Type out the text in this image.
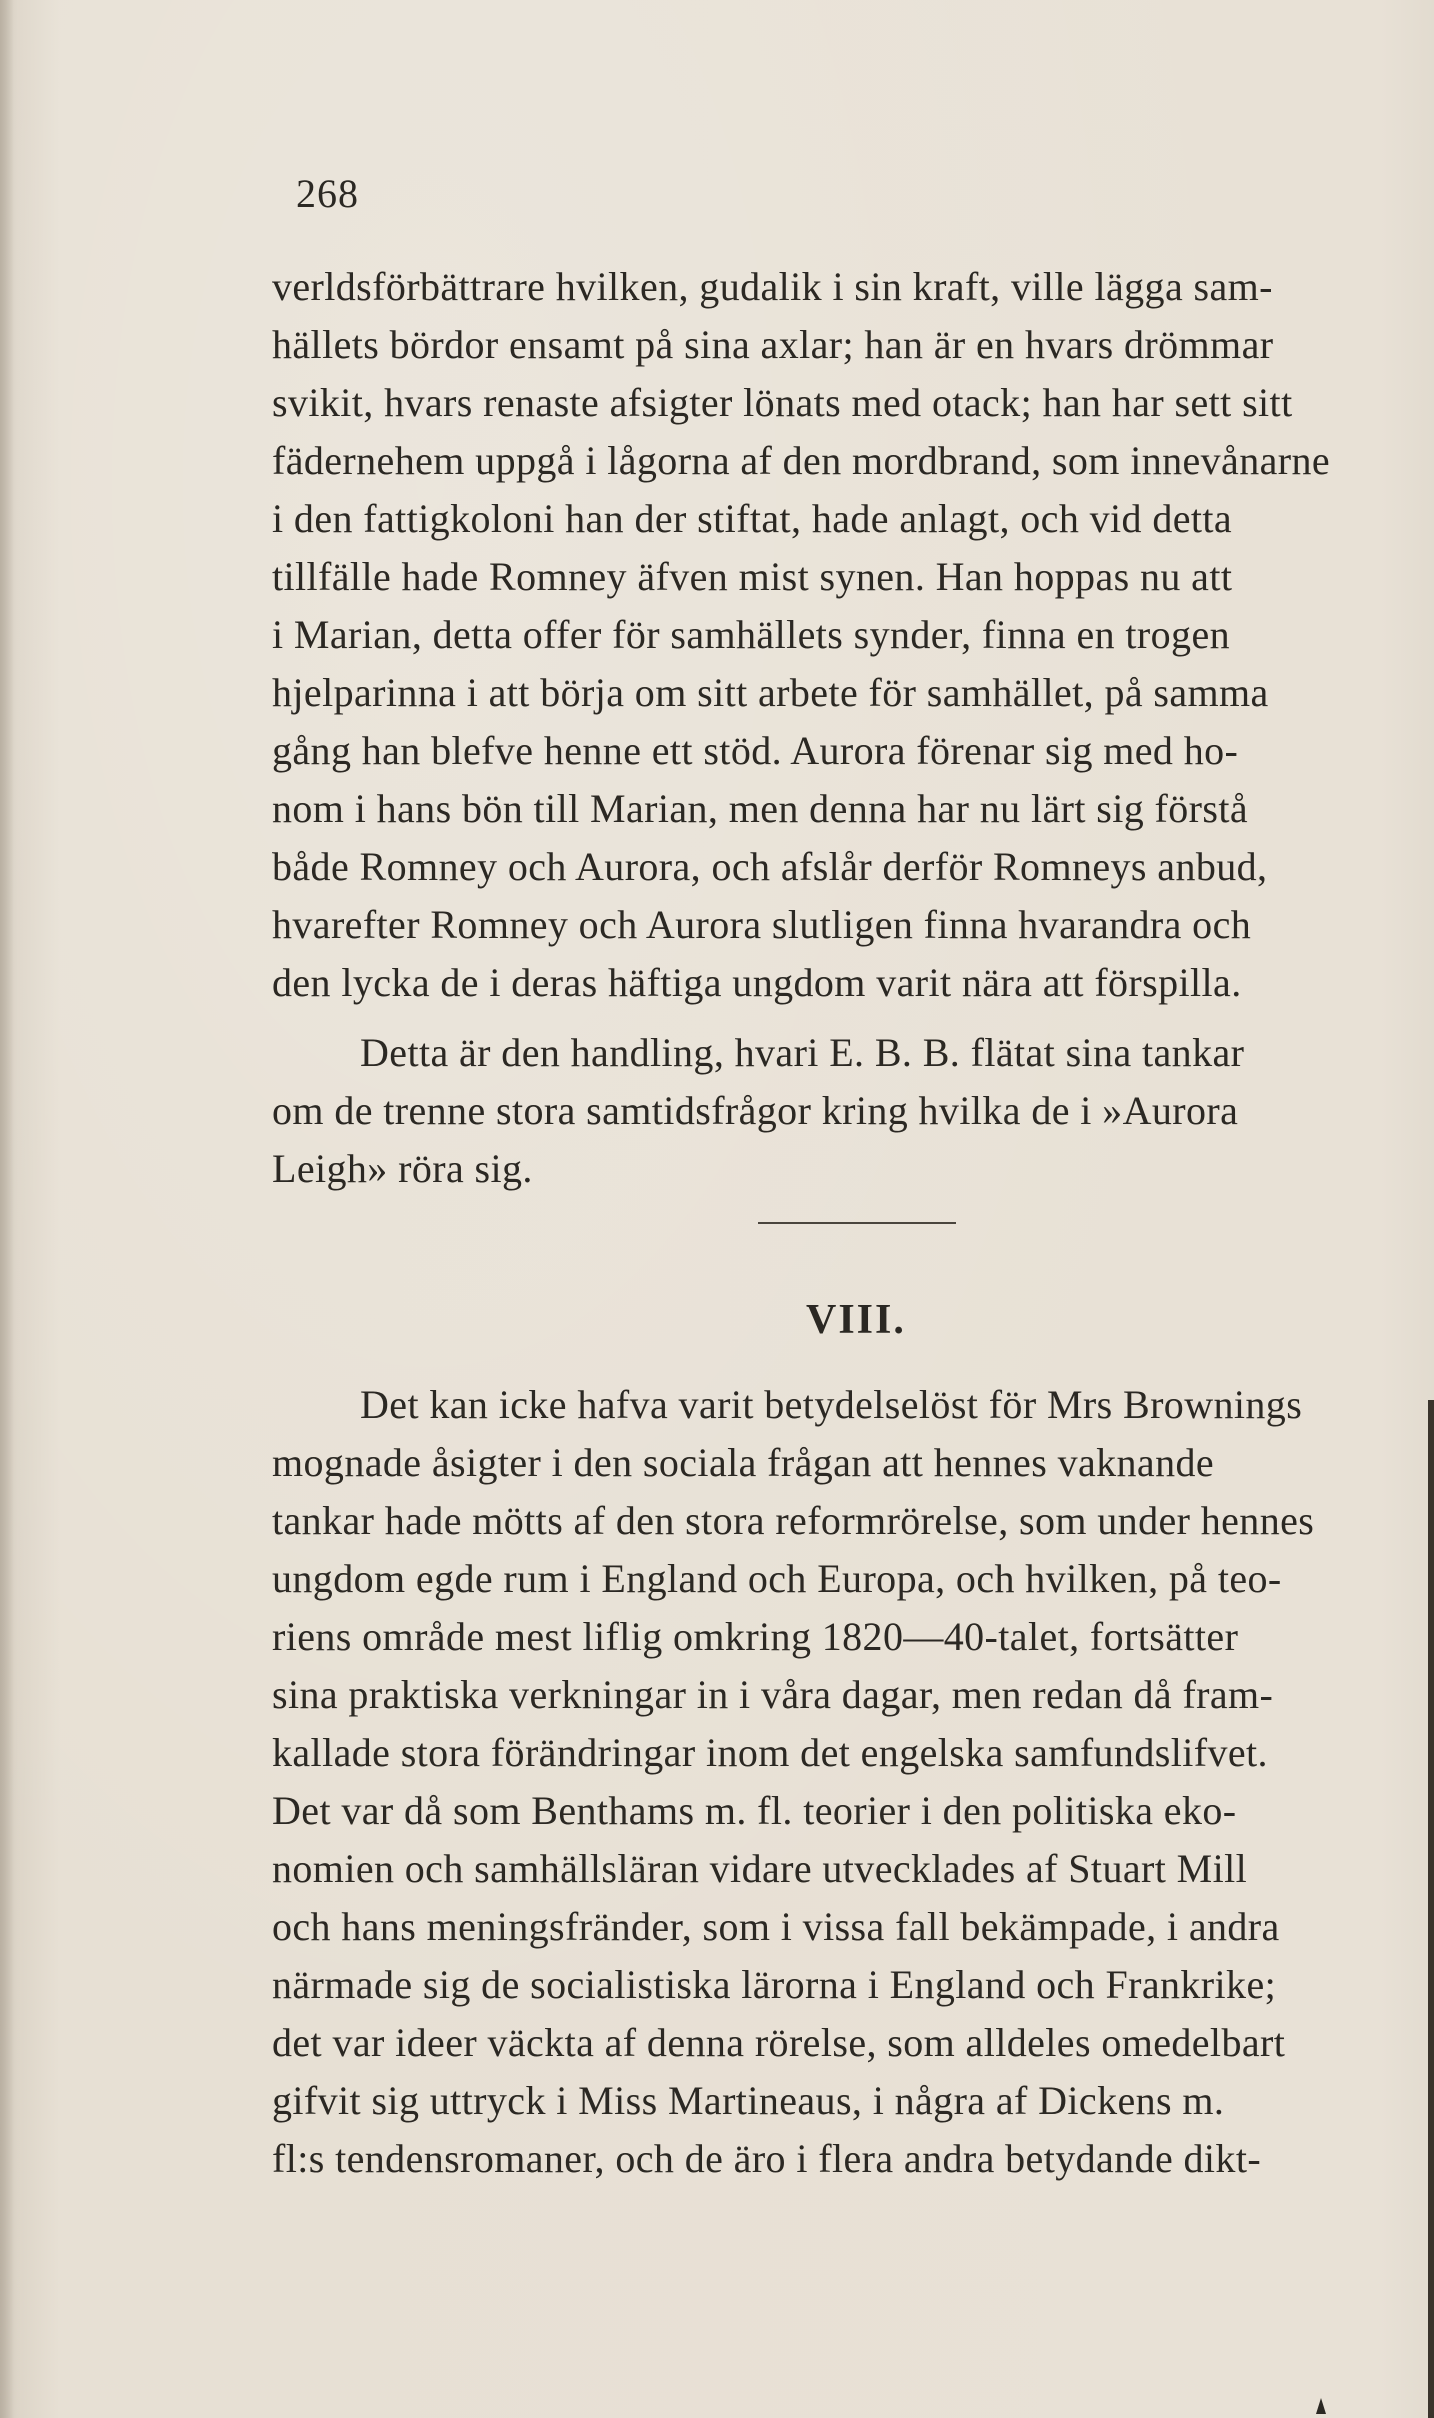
268
verldsförbättrare hvilken, gudalik i sin kraft, ville lägga sam-
hällets bördor ensamt på sina axlar; han är en hvars drömmar
svikit, hvars renaste afsigter lönats med otack; han har sett sitt
fädernehem uppgå i lågorna af den mordbrand, som innevånarne
i den fattigkoloni han der stiftat, hade anlagt, och vid detta
tillfälle hade Romney äfven mist synen. Han hoppas nu att
i Marian, detta offer för samhällets synder, finna en trogen
hjelparinna i att börja om sitt arbete för samhället, på samma
gång han blefve henne ett stöd. Aurora förenar sig med ho-
nom i hans bön till Marian, men denna har nu lärt sig förstå
både Romney och Aurora, och afslår derför Romneys anbud,
hvarefter Romney och Aurora slutligen finna hvarandra och
den lycka de i deras häftiga ungdom varit nära att förspilla.
Detta är den handling, hvari E. B. B. flätat sina tankar
om de trenne stora samtidsfrågor kring hvilka de i »Aurora
Leigh» röra sig.
VIII.
Det kan icke hafva varit betydelselöst för Mrs Brownings
mognade åsigter i den sociala frågan att hennes vaknande
tankar hade mötts af den stora reformrörelse, som under hennes
ungdom egde rum i England och Europa, och hvilken, på teo-
riens område mest liflig omkring 1820—40-talet, fortsätter
sina praktiska verkningar in i våra dagar, men redan då fram-
kallade stora förändringar inom det engelska samfundslifvet.
Det var då som Benthams m. fl. teorier i den politiska eko-
nomien och samhällsläran vidare utvecklades af Stuart Mill
och hans meningsfränder, som i vissa fall bekämpade, i andra
närmade sig de socialistiska lärorna i England och Frankrike;
det var ideer väckta af denna rörelse, som alldeles omedelbart
gifvit sig uttryck i Miss Martineaus, i några af Dickens m.
fl:s tendensromaner, och de äro i flera andra betydande dikt-
